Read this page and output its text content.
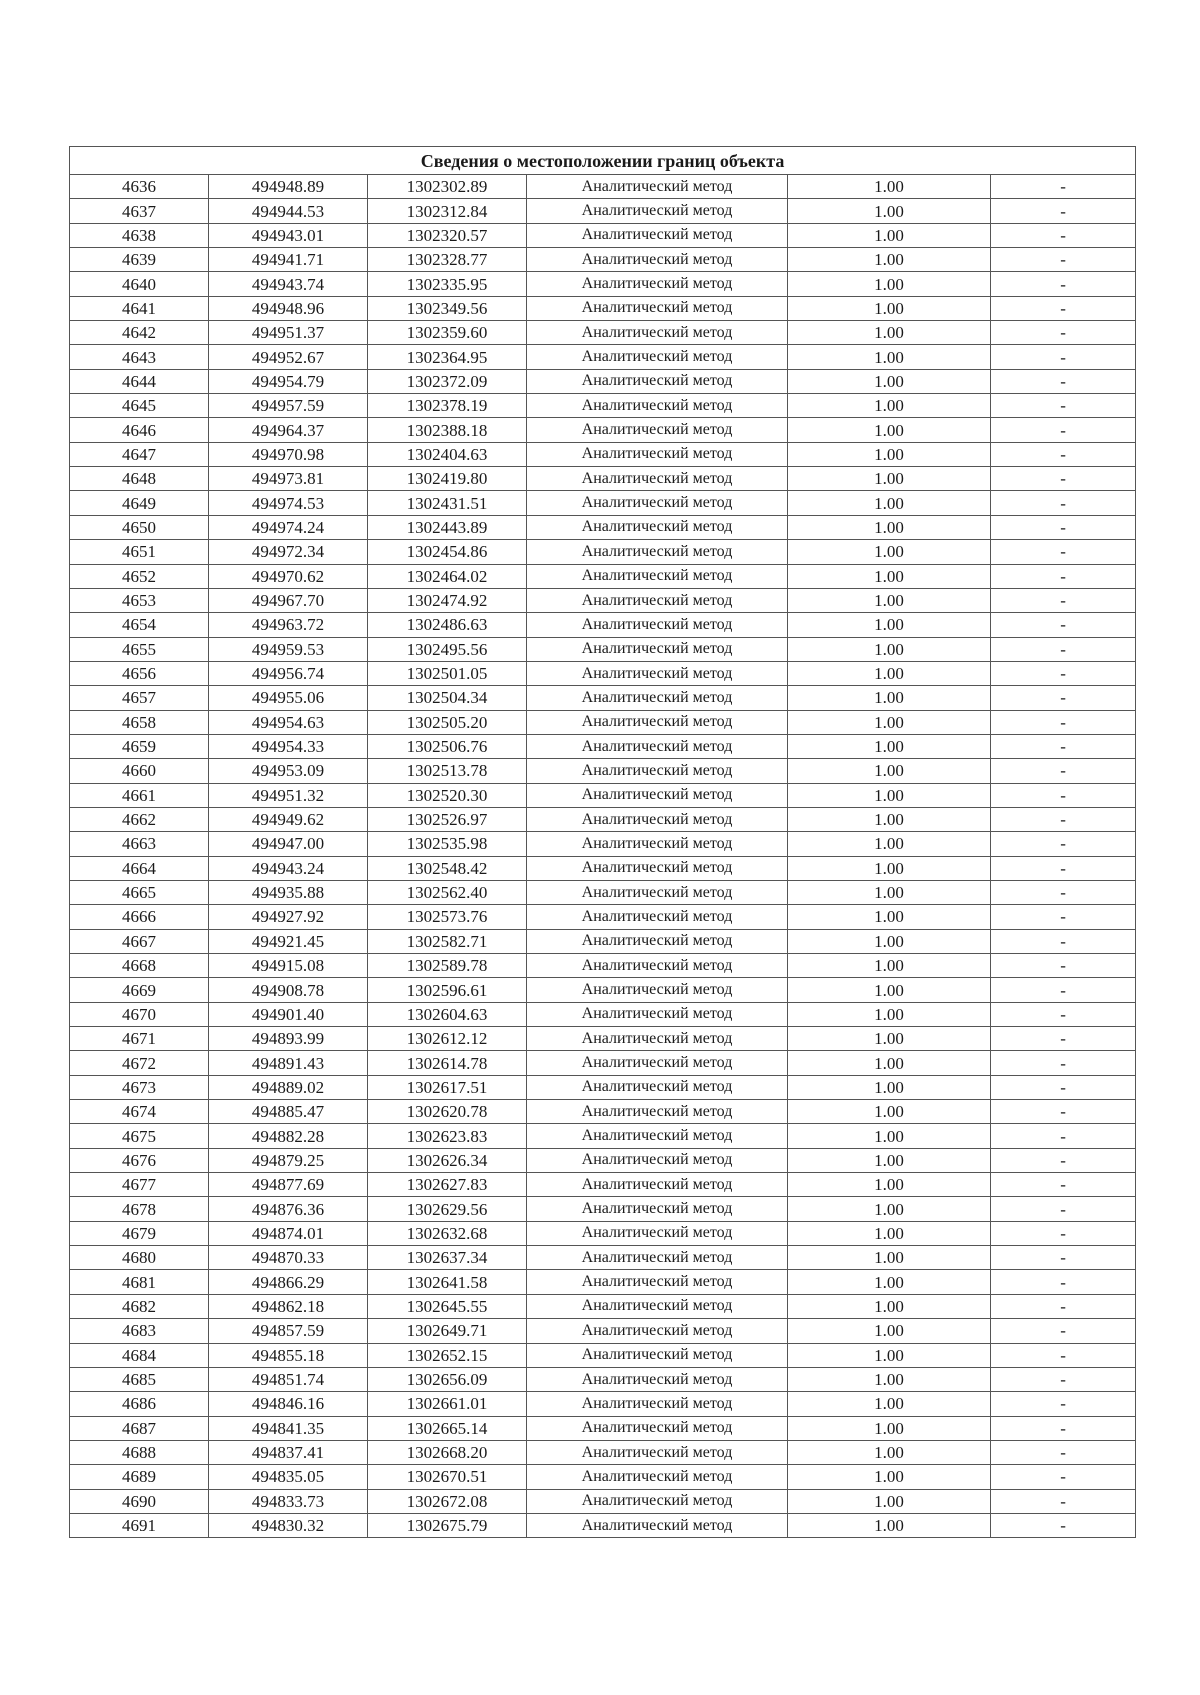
Сведения о местоположении границ объекта					
4636	494948.89	1302302.89	Аналитический метод	1.00	-
4637	494944.53	1302312.84	Аналитический метод	1.00	-
4638	494943.01	1302320.57	Аналитический метод	1.00	-
4639	494941.71	1302328.77	Аналитический метод	1.00	-
4640	494943.74	1302335.95	Аналитический метод	1.00	-
4641	494948.96	1302349.56	Аналитический метод	1.00	-
4642	494951.37	1302359.60	Аналитический метод	1.00	-
4643	494952.67	1302364.95	Аналитический метод	1.00	-
4644	494954.79	1302372.09	Аналитический метод	1.00	-
4645	494957.59	1302378.19	Аналитический метод	1.00	-
4646	494964.37	1302388.18	Аналитический метод	1.00	-
4647	494970.98	1302404.63	Аналитический метод	1.00	-
4648	494973.81	1302419.80	Аналитический метод	1.00	-
4649	494974.53	1302431.51	Аналитический метод	1.00	-
4650	494974.24	1302443.89	Аналитический метод	1.00	-
4651	494972.34	1302454.86	Аналитический метод	1.00	-
4652	494970.62	1302464.02	Аналитический метод	1.00	-
4653	494967.70	1302474.92	Аналитический метод	1.00	-
4654	494963.72	1302486.63	Аналитический метод	1.00	-
4655	494959.53	1302495.56	Аналитический метод	1.00	-
4656	494956.74	1302501.05	Аналитический метод	1.00	-
4657	494955.06	1302504.34	Аналитический метод	1.00	-
4658	494954.63	1302505.20	Аналитический метод	1.00	-
4659	494954.33	1302506.76	Аналитический метод	1.00	-
4660	494953.09	1302513.78	Аналитический метод	1.00	-
4661	494951.32	1302520.30	Аналитический метод	1.00	-
4662	494949.62	1302526.97	Аналитический метод	1.00	-
4663	494947.00	1302535.98	Аналитический метод	1.00	-
4664	494943.24	1302548.42	Аналитический метод	1.00	-
4665	494935.88	1302562.40	Аналитический метод	1.00	-
4666	494927.92	1302573.76	Аналитический метод	1.00	-
4667	494921.45	1302582.71	Аналитический метод	1.00	-
4668	494915.08	1302589.78	Аналитический метод	1.00	-
4669	494908.78	1302596.61	Аналитический метод	1.00	-
4670	494901.40	1302604.63	Аналитический метод	1.00	-
4671	494893.99	1302612.12	Аналитический метод	1.00	-
4672	494891.43	1302614.78	Аналитический метод	1.00	-
4673	494889.02	1302617.51	Аналитический метод	1.00	-
4674	494885.47	1302620.78	Аналитический метод	1.00	-
4675	494882.28	1302623.83	Аналитический метод	1.00	-
4676	494879.25	1302626.34	Аналитический метод	1.00	-
4677	494877.69	1302627.83	Аналитический метод	1.00	-
4678	494876.36	1302629.56	Аналитический метод	1.00	-
4679	494874.01	1302632.68	Аналитический метод	1.00	-
4680	494870.33	1302637.34	Аналитический метод	1.00	-
4681	494866.29	1302641.58	Аналитический метод	1.00	-
4682	494862.18	1302645.55	Аналитический метод	1.00	-
4683	494857.59	1302649.71	Аналитический метод	1.00	-
4684	494855.18	1302652.15	Аналитический метод	1.00	-
4685	494851.74	1302656.09	Аналитический метод	1.00	-
4686	494846.16	1302661.01	Аналитический метод	1.00	-
4687	494841.35	1302665.14	Аналитический метод	1.00	-
4688	494837.41	1302668.20	Аналитический метод	1.00	-
4689	494835.05	1302670.51	Аналитический метод	1.00	-
4690	494833.73	1302672.08	Аналитический метод	1.00	-
4691	494830.32	1302675.79	Аналитический метод	1.00	-
